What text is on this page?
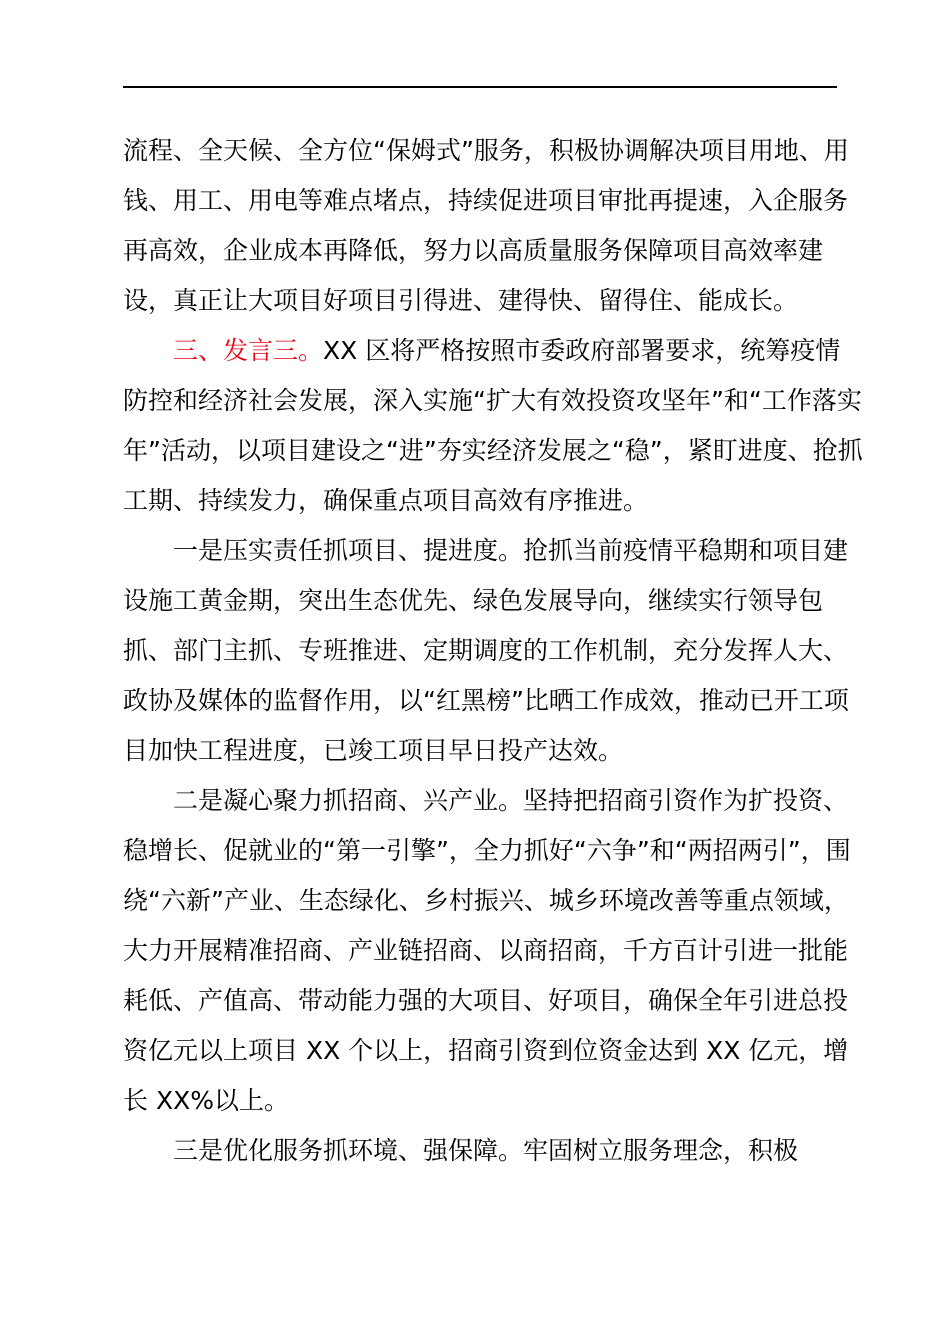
流程、全天候、全方位“保姆式”服务，积极协调解决项目用地、用钱、用工、用电等难点堵点，持续促进项目审批再提速，入企服务再高效，企业成本再降低，努力以高质量服务保障项目高效率建设，真正让大项目好项目引得进、建得快、留得住、能成长。

三、发言三。XX 区将严格按照市委政府部署要求，统筹疫情防控和经济社会发展，深入实施“扩大有效投资攻坚年”和“工作落实年”活动，以项目建设之“进”夯实经济发展之“稳”，紧盯进度、抢抓工期、持续发力，确保重点项目高效有序推进。

一是压实责任抓项目、提进度。抢抓当前疫情平稳期和项目建设施工黄金期，突出生态优先、绿色发展导向，继续实行领导包抓、部门主抓、专班推进、定期调度的工作机制，充分发挥人大、政协及媒体的监督作用，以“红黑榜”比晒工作成效，推动已开工项目加快工程进度，已竣工项目早日投产达效。

二是凝心聚力抓招商、兴产业。坚持把招商引资作为扩投资、稳增长、促就业的“第一引擎”，全力抓好“六争”和“两招两引”，围绕“六新”产业、生态绿化、乡村振兴、城乡环境改善等重点领域，大力开展精准招商、产业链招商、以商招商，千方百计引进一批能耗低、产值高、带动能力强的大项目、好项目，确保全年引进总投资亿元以上项目 XX 个以上，招商引资到位资金达到 XX 亿元，增长 XX%以上。

三是优化服务抓环境、强保障。牢固树立服务理念，积极
